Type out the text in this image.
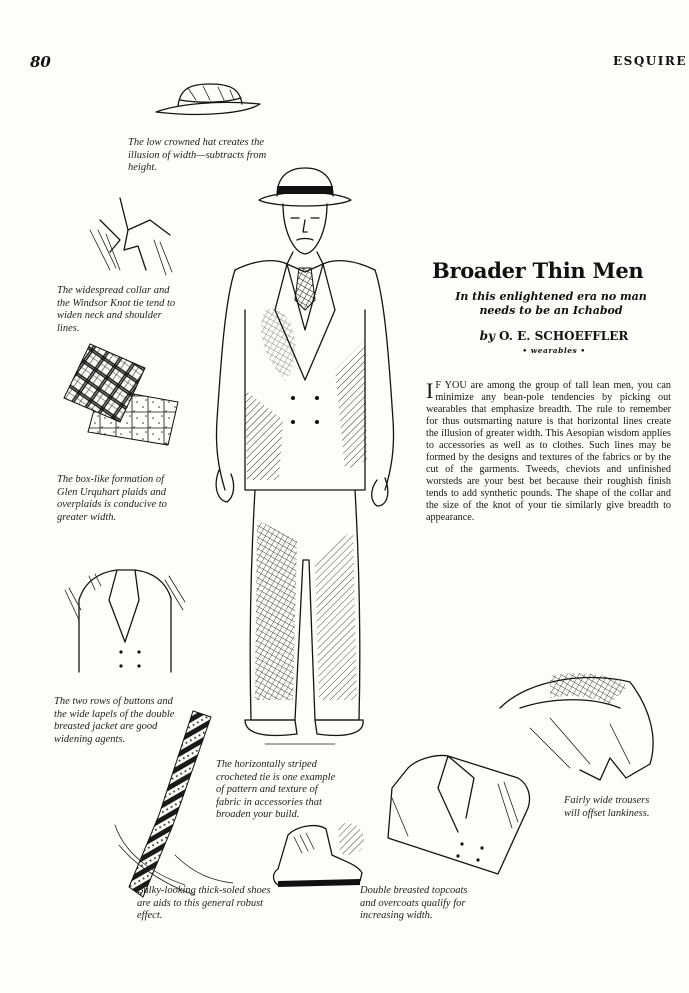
80	ESQUIRE

The low crowned hat creates the illusion of width—subtracts from height.

The widespread collar and the Windsor Knot tie tend to widen neck and shoulder lines.

The box-like formation of Glen Urquhart plaids and overplaids is conducive to greater width.

The two rows of buttons and the wide lapels of the double breasted jacket are good widening agents.

The horizontally striped crocheted tie is one example of pattern and texture of fabric in accessories that broaden your build.

Bulky-looking thick-soled shoes are aids to this general robust effect.

Double breasted topcoats and overcoats qualify for increasing width.

Fairly wide trousers will offset lankiness.

Broader Thin Men

In this enlightened era no man needs to be an Ichabod

by O. E. SCHOEFFLER
• wearables •

I F YOU are among the group of tall lean men, you can minimize any bean-pole tendencies by picking out wearables that emphasize breadth. The rule to remember for thus outsmarting nature is that horizontal lines create the illusion of greater width. This Aesopian wisdom applies to accessories as well as to clothes. Such lines may be formed by the designs and textures of the fabrics or by the cut of the garments. Tweeds, cheviots and unfinished worsteds are your best bet because their roughish finish tends to add synthetic pounds. The shape of the collar and the size of the knot of your tie similarly give breadth to appearance.
